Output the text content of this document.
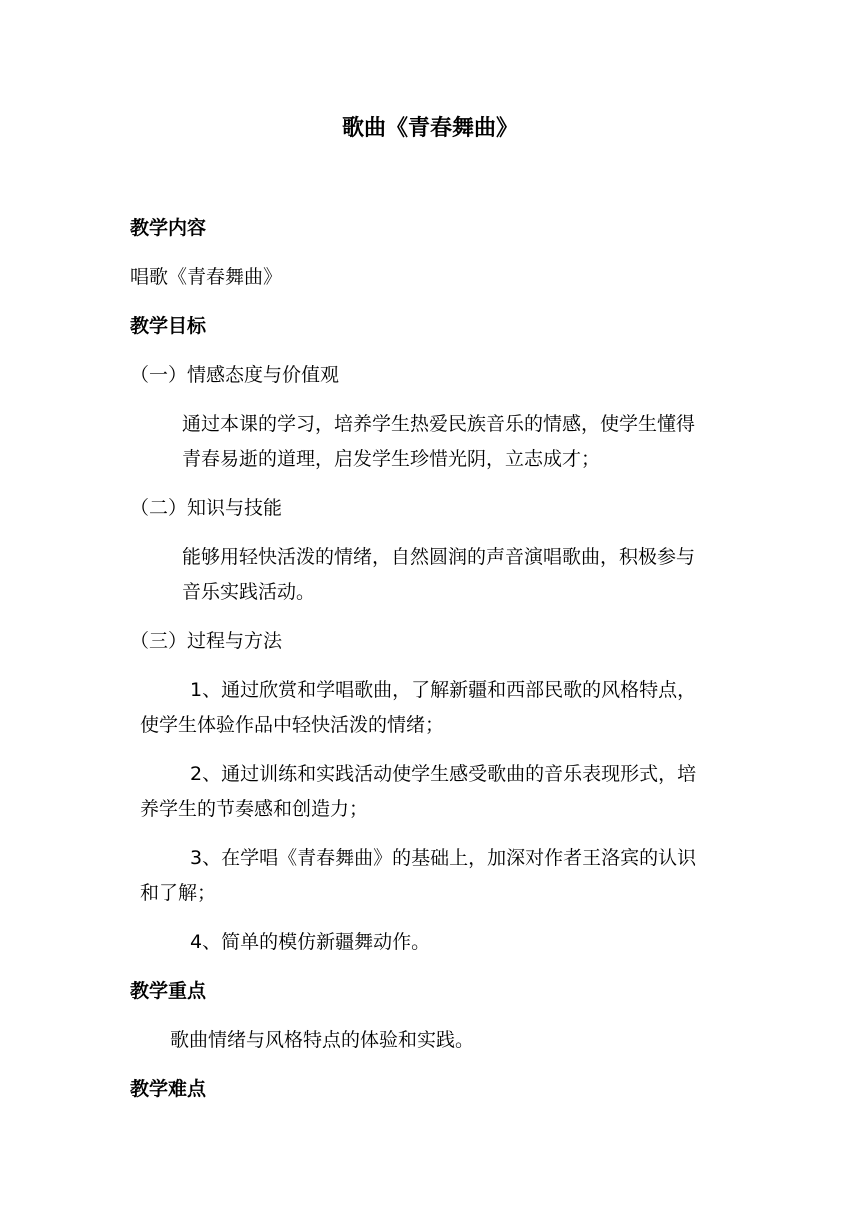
歌曲《青春舞曲》
教学内容
唱歌《青春舞曲》
教学目标
（一）情感态度与价值观
通过本课的学习，培养学生热爱民族音乐的情感，使学生懂得
青春易逝的道理，启发学生珍惜光阴，立志成才；
（二）知识与技能
能够用轻快活泼的情绪，自然圆润的声音演唱歌曲，积极参与
音乐实践活动。
（三）过程与方法
1、通过欣赏和学唱歌曲，了解新疆和西部民歌的风格特点，
使学生体验作品中轻快活泼的情绪；
2、通过训练和实践活动使学生感受歌曲的音乐表现形式，培
养学生的节奏感和创造力；
3、在学唱《青春舞曲》的基础上，加深对作者王洛宾的认识
和了解；
4、简单的模仿新疆舞动作。
教学重点
歌曲情绪与风格特点的体验和实践。
教学难点
